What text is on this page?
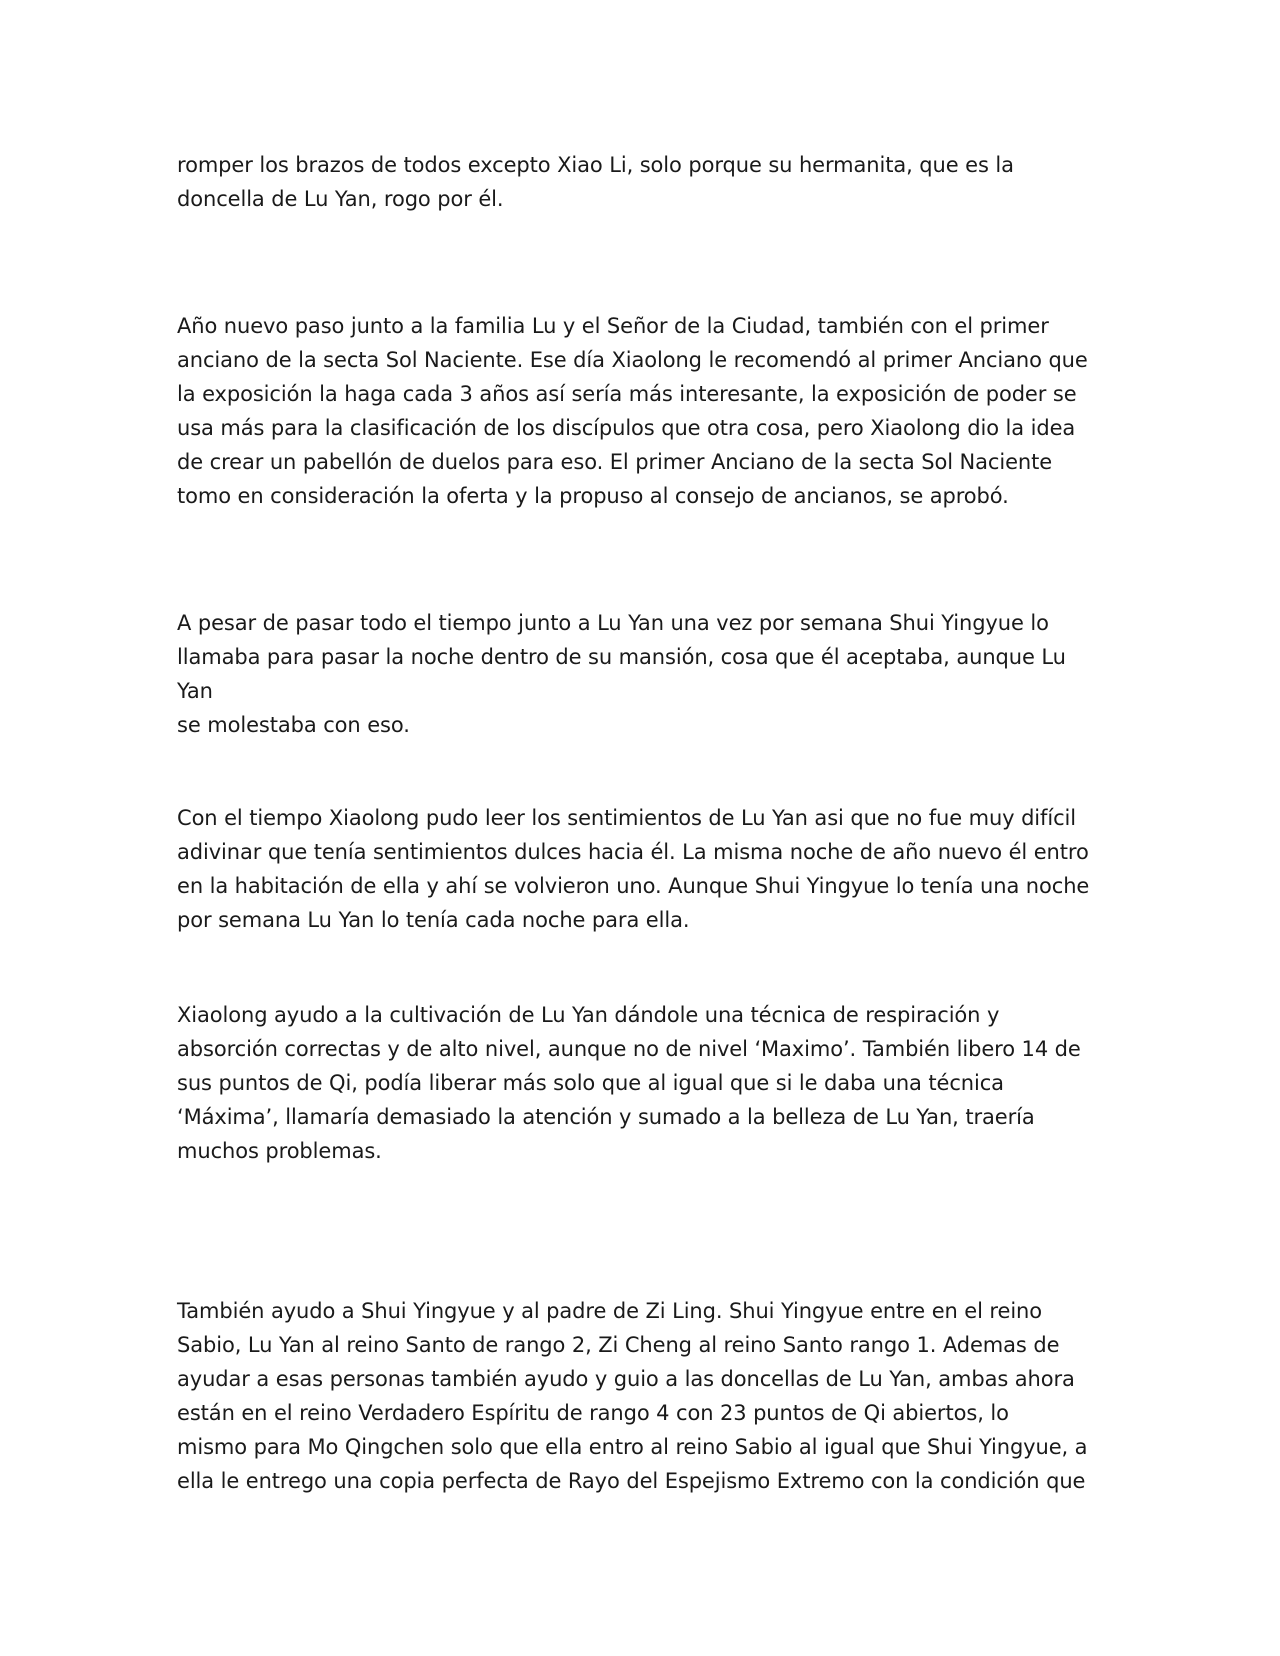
romper los brazos de todos excepto Xiao Li, solo porque su hermanita, que es la
doncella de Lu Yan, rogo por él.

Año nuevo paso junto a la familia Lu y el Señor de la Ciudad, también con el primer
anciano de la secta Sol Naciente. Ese día Xiaolong le recomendó al primer Anciano que
la exposición la haga cada 3 años así sería más interesante, la exposición de poder se
usa más para la clasificación de los discípulos que otra cosa, pero Xiaolong dio la idea
de crear un pabellón de duelos para eso. El primer Anciano de la secta Sol Naciente
tomo en consideración la oferta y la propuso al consejo de ancianos, se aprobó.

A pesar de pasar todo el tiempo junto a Lu Yan una vez por semana Shui Yingyue lo
llamaba para pasar la noche dentro de su mansión, cosa que él aceptaba, aunque Lu Yan
se molestaba con eso.

Con el tiempo Xiaolong pudo leer los sentimientos de Lu Yan asi que no fue muy difícil
adivinar que tenía sentimientos dulces hacia él. La misma noche de año nuevo él entro
en la habitación de ella y ahí se volvieron uno. Aunque Shui Yingyue lo tenía una noche
por semana Lu Yan lo tenía cada noche para ella.

Xiaolong ayudo a la cultivación de Lu Yan dándole una técnica de respiración y
absorción correctas y de alto nivel, aunque no de nivel ‘Maximo’. También libero 14 de
sus puntos de Qi, podía liberar más solo que al igual que si le daba una técnica
‘Máxima’, llamaría demasiado la atención y sumado a la belleza de Lu Yan, traería
muchos problemas.

También ayudo a Shui Yingyue y al padre de Zi Ling. Shui Yingyue entre en el reino
Sabio, Lu Yan al reino Santo de rango 2, Zi Cheng al reino Santo rango 1. Ademas de
ayudar a esas personas también ayudo y guio a las doncellas de Lu Yan, ambas ahora
están en el reino Verdadero Espíritu de rango 4 con 23 puntos de Qi abiertos, lo
mismo para Mo Qingchen solo que ella entro al reino Sabio al igual que Shui Yingyue, a
ella le entrego una copia perfecta de Rayo del Espejismo Extremo con la condición que
